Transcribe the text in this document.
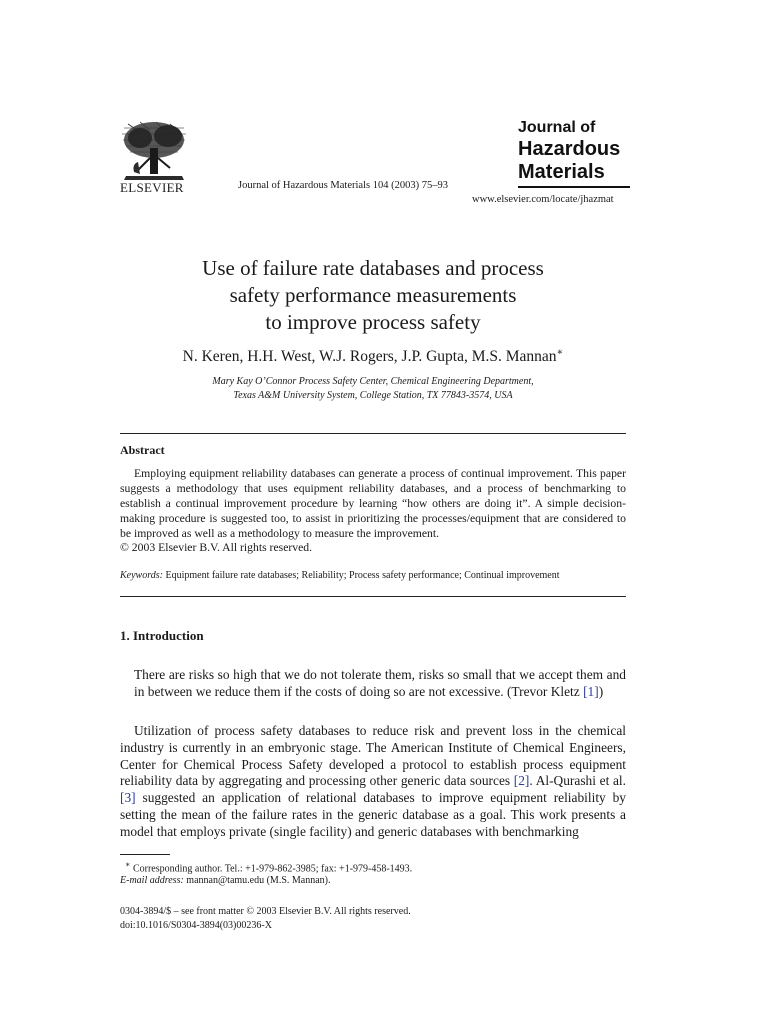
ELSEVIER	Journal of Hazardous Materials 104 (2003) 75–93
Journal of
Hazardous
Materials
www.elsevier.com/locate/jhazmat
Use of failure rate databases and process
safety performance measurements
to improve process safety
N. Keren, H.H. West, W.J. Rogers, J.P. Gupta, M.S. Mannan∗
Mary Kay O’Connor Process Safety Center, Chemical Engineering Department,
Texas A&M University System, College Station, TX 77843-3574, USA
Abstract
Employing equipment reliability databases can generate a process of continual improvement. This paper suggests a methodology that uses equipment reliability databases, and a process of benchmarking to establish a continual improvement procedure by learning “how others are doing it”. A simple decision-making procedure is suggested too, to assist in prioritizing the processes/equipment that are considered to be improved as well as a methodology to measure the improvement.
© 2003 Elsevier B.V. All rights reserved.
Keywords: Equipment failure rate databases; Reliability; Process safety performance; Continual improvement
1. Introduction
There are risks so high that we do not tolerate them, risks so small that we accept them and in between we reduce them if the costs of doing so are not excessive. (Trevor Kletz [1])
Utilization of process safety databases to reduce risk and prevent loss in the chemical industry is currently in an embryonic stage. The American Institute of Chemical Engineers, Center for Chemical Process Safety developed a protocol to establish process equipment reliability data by aggregating and processing other generic data sources [2]. Al-Qurashi et al. [3] suggested an application of relational databases to improve equipment reliability by setting the mean of the failure rates in the generic database as a goal. This work presents a model that employs private (single facility) and generic databases with benchmarking
∗ Corresponding author. Tel.: +1-979-862-3985; fax: +1-979-458-1493.
E-mail address: mannan@tamu.edu (M.S. Mannan).
0304-3894/$ – see front matter © 2003 Elsevier B.V. All rights reserved.
doi:10.1016/S0304-3894(03)00236-X
